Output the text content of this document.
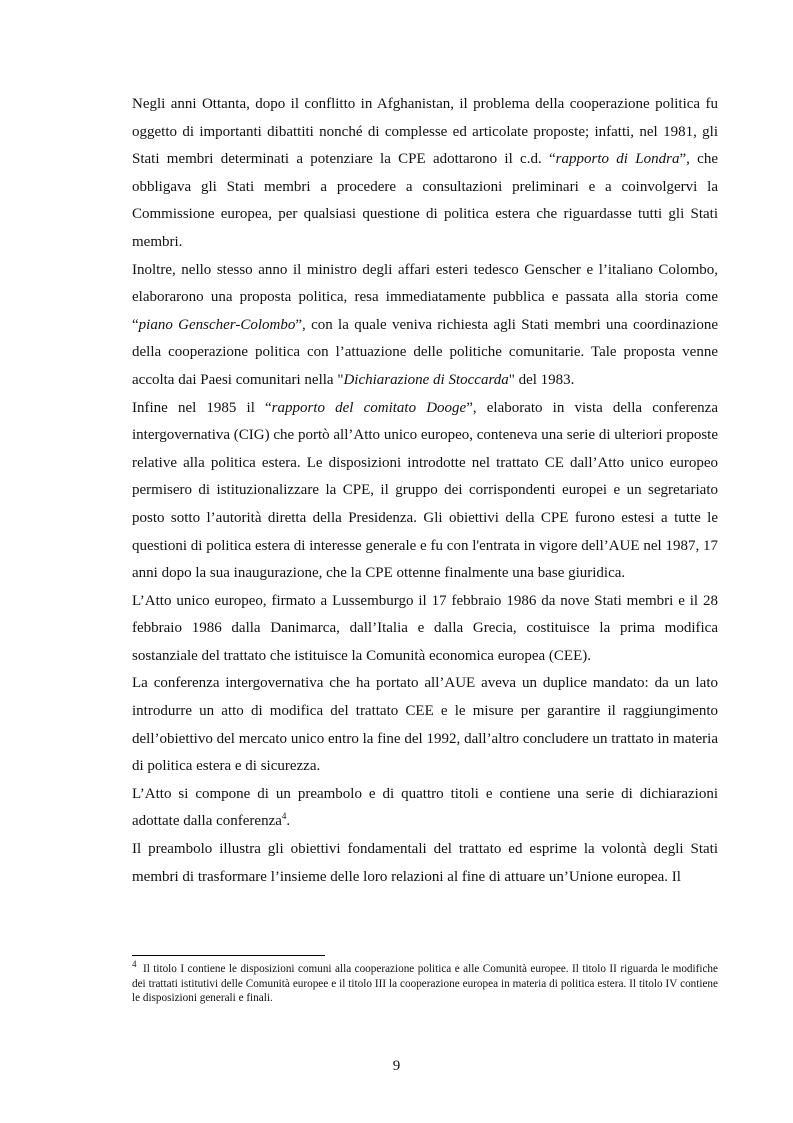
Negli anni Ottanta, dopo il conflitto in Afghanistan, il problema della cooperazione politica fu oggetto di importanti dibattiti nonché di complesse ed articolate proposte; infatti, nel 1981, gli Stati membri determinati a potenziare la CPE adottarono il c.d. “rapporto di Londra”, che obbligava gli Stati membri a procedere a consultazioni preliminari e a coinvolgervi la Commissione europea, per qualsiasi questione di politica estera che riguardasse tutti gli Stati membri.

Inoltre, nello stesso anno il ministro degli affari esteri tedesco Genscher e l’italiano Colombo, elaborarono una proposta politica, resa immediatamente pubblica e passata alla storia come “piano Genscher-Colombo”, con la quale veniva richiesta agli Stati membri una coordinazione della cooperazione politica con l’attuazione delle politiche comunitarie. Tale proposta venne accolta dai Paesi comunitari nella "Dichiarazione di Stoccarda" del 1983.

Infine nel 1985 il “rapporto del comitato Dooge”, elaborato in vista della conferenza intergovernativa (CIG) che portò all’Atto unico europeo, conteneva una serie di ulteriori proposte relative alla politica estera. Le disposizioni introdotte nel trattato CE dall’Atto unico europeo permisero di istituzionalizzare la CPE, il gruppo dei corrispondenti europei e un segretariato posto sotto l’autorità diretta della Presidenza. Gli obiettivi della CPE furono estesi a tutte le questioni di politica estera di interesse generale e fu con l'entrata in vigore dell’AUE nel 1987, 17 anni dopo la sua inaugurazione, che la CPE ottenne finalmente una base giuridica.

L’Atto unico europeo, firmato a Lussemburgo il 17 febbraio 1986 da nove Stati membri e il 28 febbraio 1986 dalla Danimarca, dall’Italia e dalla Grecia, costituisce la prima modifica sostanziale del trattato che istituisce la Comunità economica europea (CEE).

La conferenza intergovernativa che ha portato all’AUE aveva un duplice mandato: da un lato introdurre un atto di modifica del trattato CEE e le misure per garantire il raggiungimento dell’obiettivo del mercato unico entro la fine del 1992, dall’altro concludere un trattato in materia di politica estera e di sicurezza.

L’Atto si compone di un preambolo e di quattro titoli e contiene una serie di dichiarazioni adottate dalla conferenza$^4$.

Il preambolo illustra gli obiettivi fondamentali del trattato ed esprime la volontà degli Stati membri di trasformare l’insieme delle loro relazioni al fine di attuare un’Unione europea. Il

$^4$ Il titolo I contiene le disposizioni comuni alla cooperazione politica e alle Comunità europee. Il titolo II riguarda le modifiche dei trattati istitutivi delle Comunità europee e il titolo III la cooperazione europea in materia di politica estera. Il titolo IV contiene le disposizioni generali e finali.

9
